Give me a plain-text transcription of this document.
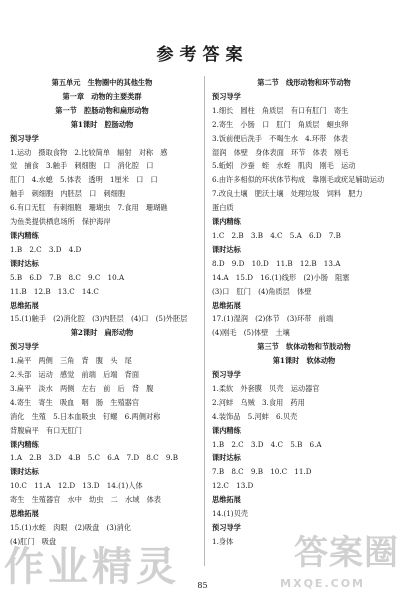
参考答案
第五单元　生物圈中的其他生物
第一章　动物的主要类群
第一节　腔肠动物和扁形动物
第1课时　腔肠动物
预习导学
1.运动　摄取食物　2.比较简单　辐射　对称　感
觉　捕食　3.触手　刺细胞　口　消化腔　口
肛门　4.水螅　5.体表　透明　1厘米　口　口
触手　刺细胞　内胚层　口　刺细胞
6.有口无肛　有刺细胞　珊瑚虫　7.食用　珊瑚礁
为鱼类提供栖息场所　保护海岸
课内精练
1.B　2.C　3.D　4.D
课时达标
5.B　6.D　7.B　8.C　9.C　10.A
11.B　12.B　13.C　14.C
思维拓展
15.(1)触手　(2)消化腔　(3)内胚层　(4)口　(5)外胚层
第2课时　扁形动物
预习导学
1.扁平　两侧　三角　背　腹　头　尾
2.头部　运动　感觉　前端　后端　背面
3.扁平　淡水　两侧　左右　前　后　背　腹
4.寄生　寄生　吸血　咽　肠　生殖器官
消化　生殖　5.日本血吸虫　钉螺　6.两侧对称
背腹扁平　有口无肛门
课内精练
1.A　2.B　3.D　4.B　5.C　6.A　7.D　8.C　9.B
课时达标
10.C　11.A　12.D　13.D　14.(1)人体
寄生　生殖器官　水中　幼虫　二　水域　体表
思维拓展
15.(1)水蛭　肉眼　(2)吸盘　(3)消化
(4)肛门　吸盘
第二节　线形动物和环节动物
预习导学
1.细长　圆柱　角质层　有口有肛门　寄生
2.寄生　小肠　口　肛门　角质层　蛔虫卵
3.饭前便后洗手　不喝生水　4.环带　体表
湿润　体壁　身体表面　环节　体表　刚毛
5.蚯蚓　沙蚕　蛭　水蛭　肌肉　刚毛　运动
6.由许多相似的环状体节构成　靠刚毛或疣足辅助运动
7.改良土壤　肥沃土壤　处理垃圾　饲料　肥力
蛋白质
课内精练
1.C　2.B　3.B　4.C　5.A　6.D　7.B
课时达标
8.D　9.D　10.D　11.B　12.B　13.A
14.A　15.D　16.(1)线形　(2)小肠　阻塞
(3)口　肛门　(4)角质层　体壁
思维拓展
17.(1)湿润　(2)体节　(3)环带　前端
(4)刚毛　(5)体壁　土壤
第三节　软体动物和节肢动物
第1课时　软体动物
预习导学
1.柔软　外套膜　贝壳　运动器官
2.河蚌　乌贼　3.食用　药用
4.装饰品　5.河蚌　6.贝壳
课内精练
1.B　2.C　3.D　4.C　5.B　6.A
课时达标
7.B　8.C　9.B　10.C　11.D
12.C　13.D
思维拓展
14.(1)贝壳
预习导学
1.身体
85
作业精灵	答案圈
MXQE.COM
